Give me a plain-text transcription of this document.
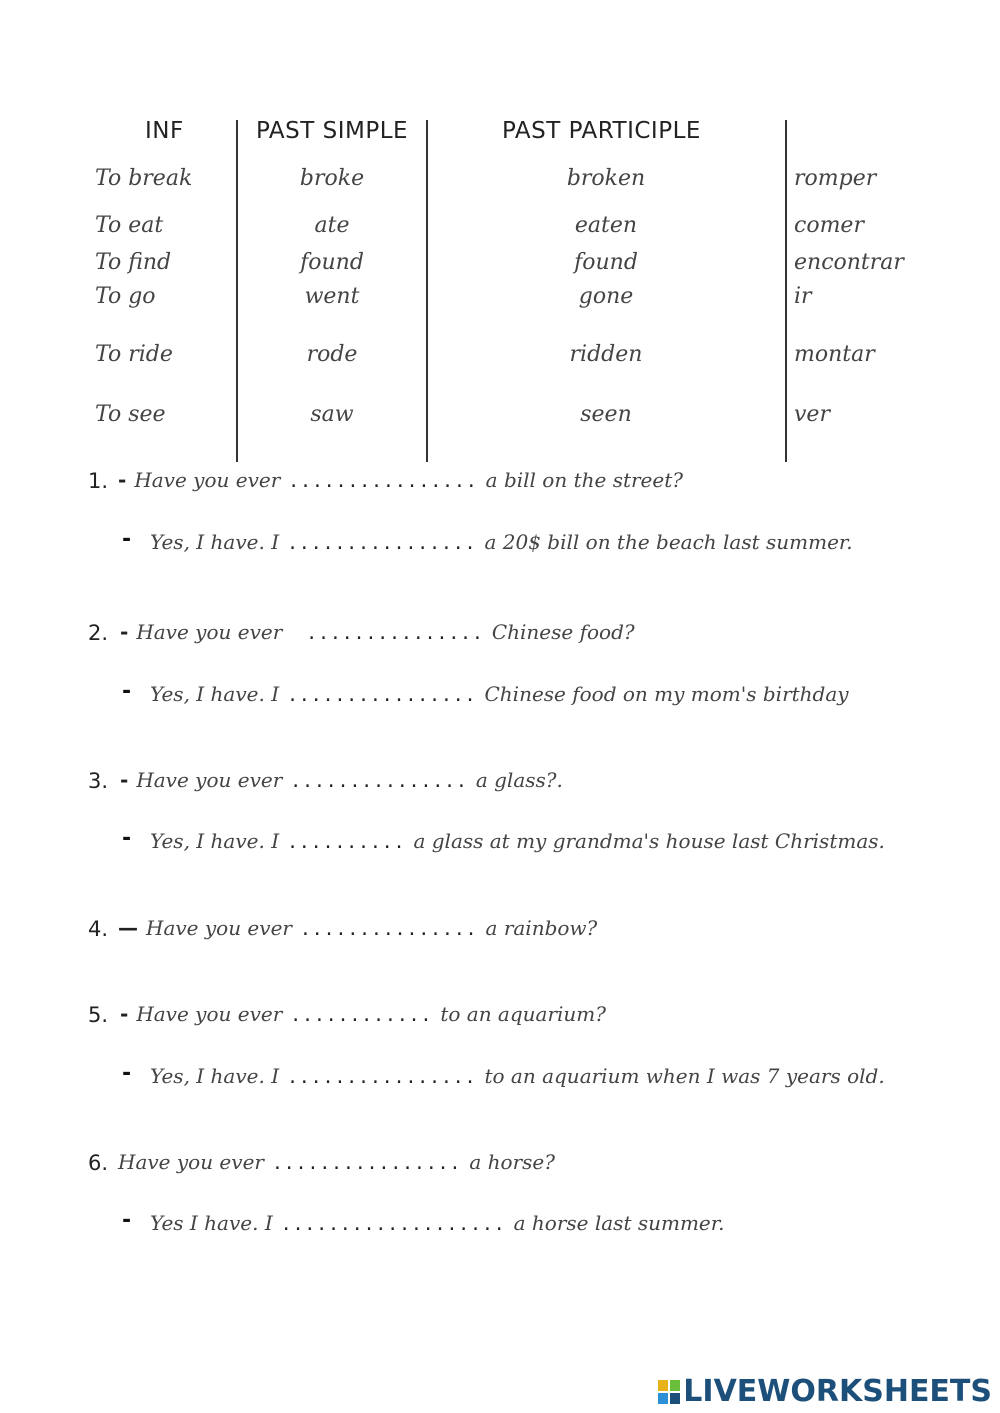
INF	PAST SIMPLE	PAST PARTICIPLE
To break	broke	broken	romper
To eat	ate	eaten	comer
To find	found	found	encontrar
To go	went	gone	ir
To ride	rode	ridden	montar
To see	saw	seen	ver
1. - Have you ever ................ a bill on the street?
- Yes, I have. I ................ a 20$ bill on the beach last summer.
2. - Have you ever ............... Chinese food?
- Yes, I have. I ................ Chinese food on my mom's birthday
3. - Have you ever ............... a glass?.
- Yes, I have. I .......... a glass at my grandma's house last Christmas.
4. — Have you ever ............... a rainbow?
5. - Have you ever ............ to an aquarium?
- Yes, I have. I ................ to an aquarium when I was 7 years old.
6. Have you ever ................ a horse?
- Yes I have. I ................... a horse last summer.
LIVEWORKSHEETS
